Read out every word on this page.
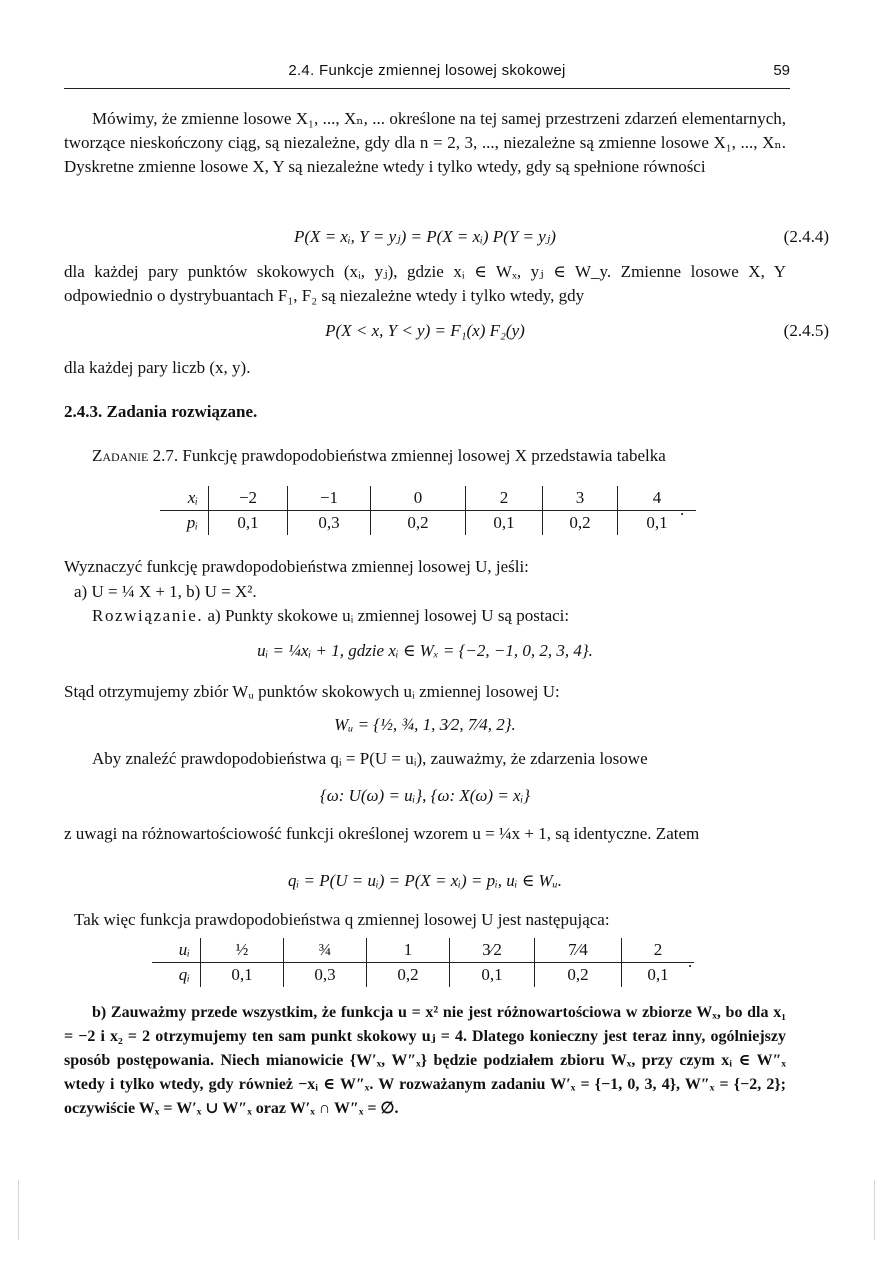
2.4. Funkcje zmiennej losowej skokowej	59
Mówimy, że zmienne losowe X₁, ..., Xₙ, ... określone na tej samej przestrzeni zdarzeń elementarnych, tworzące nieskończony ciąg, są niezależne, gdy dla n = 2, 3, ..., niezależne są zmienne losowe X₁, ..., Xₙ. Dyskretne zmienne losowe X, Y są niezależne wtedy i tylko wtedy, gdy są spełnione równości
P(X = xᵢ, Y = yⱼ) = P(X = xᵢ) P(Y = yⱼ)	(2.4.4)
dla każdej pary punktów skokowych (xᵢ, yⱼ), gdzie xᵢ ∈ Wₓ, yⱼ ∈ W_y. Zmienne losowe X, Y odpowiednio o dystrybuantach F₁, F₂ są niezależne wtedy i tylko wtedy, gdy
P(X < x, Y < y) = F₁(x) F₂(y)	(2.4.5)
dla każdej pary liczb (x, y).
2.4.3. Zadania rozwiązane.
Zadanie 2.7. Funkcję prawdopodobieństwa zmiennej losowej X przedstawia tabelka
xᵢ	−2	−1	0	2	3	4
pᵢ	0,1	0,3	0,2	0,1	0,2	0,1
.
Wyznaczyć funkcję prawdopodobieństwa zmiennej losowej U, jeśli:
a) U = ¼ X + 1, b) U = X².
Rozwiązanie. a) Punkty skokowe uᵢ zmiennej losowej U są postaci:
uᵢ = ¼xᵢ + 1, gdzie xᵢ ∈ Wₓ = {−2, −1, 0, 2, 3, 4}.
Stąd otrzymujemy zbiór Wᵤ punktów skokowych uᵢ zmiennej losowej U:
Wᵤ = {½, ¾, 1, 3⁄2, 7⁄4, 2}.
Aby znaleźć prawdopodobieństwa qᵢ = P(U = uᵢ), zauważmy, że zdarzenia losowe
{ω: U(ω) = uᵢ}, {ω: X(ω) = xᵢ}
z uwagi na różnowartościowość funkcji określonej wzorem u = ¼x + 1, są identyczne. Zatem
qᵢ = P(U = uᵢ) = P(X = xᵢ) = pᵢ, uᵢ ∈ Wᵤ.
Tak więc funkcja prawdopodobieństwa q zmiennej losowej U jest następująca:
uᵢ	½	¾	1	3⁄2	7⁄4	2
qᵢ	0,1	0,3	0,2	0,1	0,2	0,1
.
b) Zauważmy przede wszystkim, że funkcja u = x² nie jest różnowartościowa w zbiorze Wₓ, bo dla x₁ = −2 i x₂ = 2 otrzymujemy ten sam punkt skokowy uⱼ = 4. Dlatego konieczny jest teraz inny, ogólniejszy sposób postępowania. Niech mianowicie {W′ₓ, W″ₓ} będzie podziałem zbioru Wₓ, przy czym xᵢ ∈ W″ₓ wtedy i tylko wtedy, gdy również −xᵢ ∈ W″ₓ. W rozważanym zadaniu W′ₓ = {−1, 0, 3, 4}, W″ₓ = {−2, 2}; oczywiście Wₓ = W′ₓ ∪ W″ₓ oraz W′ₓ ∩ W″ₓ = ∅.
